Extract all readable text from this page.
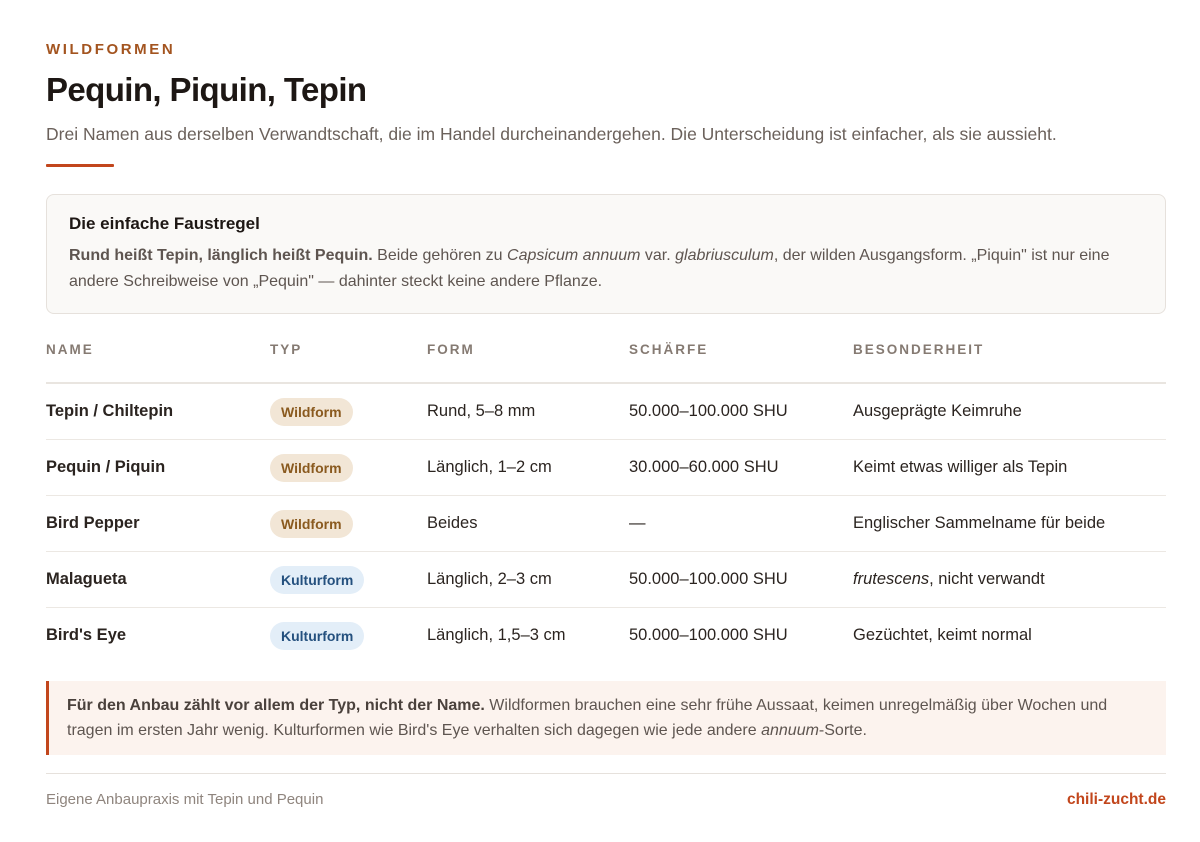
WILDFORMEN
Pequin, Piquin, Tepin

Drei Namen aus derselben Verwandtschaft, die im Handel durcheinandergehen. Die Unterscheidung ist einfacher, als sie aussieht.

Die einfache Faustregel

Rund heißt Tepin, länglich heißt Pequin. Beide gehören zu Capsicum annuum var. glabriusculum, der wilden Ausgangsform. „Piquin" ist nur eine andere Schreibweise von „Pequin" — dahinter steckt keine andere Pflanze.

NAME	TYP	FORM	SCHÄRFE	BESONDERHEIT
Tepin / Chiltepin	Wildform	Rund, 5–8 mm	50.000–100.000 SHU	Ausgeprägte Keimruhe
Pequin / Piquin	Wildform	Länglich, 1–2 cm	30.000–60.000 SHU	Keimt etwas williger als Tepin
Bird Pepper	Wildform	Beides	—	Englischer Sammelname für beide
Malagueta	Kulturform	Länglich, 2–3 cm	50.000–100.000 SHU	frutescens, nicht verwandt
Bird's Eye	Kulturform	Länglich, 1,5–3 cm	50.000–100.000 SHU	Gezüchtet, keimt normal

Für den Anbau zählt vor allem der Typ, nicht der Name. Wildformen brauchen eine sehr frühe Aussaat, keimen unregelmäßig über Wochen und tragen im ersten Jahr wenig. Kulturformen wie Bird's Eye verhalten sich dagegen wie jede andere annuum-Sorte.

Eigene Anbaupraxis mit Tepin und Pequin	chili-zucht.de
